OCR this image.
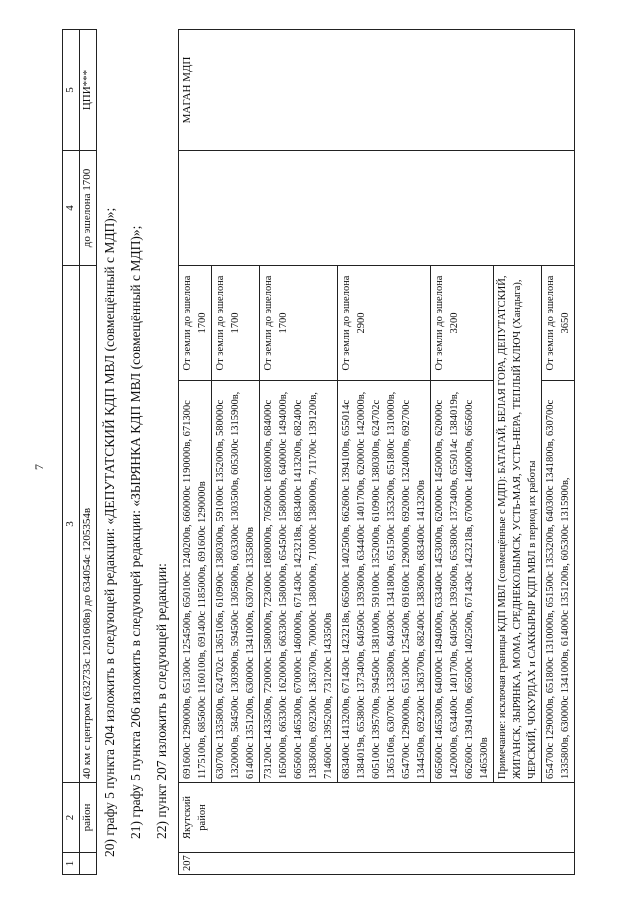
7
1	2	3	4	5
	район	40 км с центром (632733с 1201608в) до 634054с 1205354в	до эшелона 1700	ЦПИ***
20) графу 5 пункта 204 изложить в следующей редакции: «ДЕПУТАТСКИЙ КДП МВЛ (совмещённый с МДП)»; 21) графу 5 пункта 206 изложить в следующей редакции: «ЗЫРЯНКА КДП МВЛ (совмещённый с МДП)»; 22) пункт 207 изложить в следующей редакции:
207	Якутский район	691600с 1290000в, 651300с 1254500в, 650100с 1240200в, 660000с 1190000в, 671300с 1175100в, 685600с 1160100в, 691400с 1185000в, 691600с 1290000в	От земли до эшелона 1700		МАГАН МДП
		630700с 1335800в, 624702с 1365106в, 610900с 1380300в, 591000с 1352000в, 580000с 1320000в, 584500с 1303900в, 594500с 1305800в, 603300с 1303500в, 605300с 1315900в, 614000с 1351200в, 630000с 1341000в, 630700с 1335800в	От земли до эшелона 1700		
		731200с 1433500в, 720000с 1580000в, 723000с 1680000в, 705000с 1680000в, 684000с 1650000в, 663300с 1620000в, 663300с 1580000в, 654500с 1580000в, 640000с 1494000в, 665600с 1465300в, 670000с 1460000в, 671430с 1423218в, 683400с 1413200в, 682400с 1383600в, 692300с 1363700в, 700000с 1380000в, 710000с 1380000в, 711700с 1391200в, 714600с 1395200в, 731200с 1433500в	От земли до эшелона 1700		
		683400с 1413200в, 671430с 1423218в, 665000с 1402500в, 662600с 1394100в, 655014с 1384019в, 653800с 1373400в, 640500с 1393600в, 634400с 1401700в, 620000с 1420000в, 605100с 1395700в, 594500с 1381000в, 591000с 1352000в, 610900с 1380300в, 624702с 1365106в, 630700с 1335800в, 640300с 1341800в, 651500с 1353200в, 651800с 1310000в, 654700с 1290000в, 651300с 1254500в, 691600с 1290000в, 692000с 1324000в, 692700с 1344500в, 692300с 1363700в, 682400с 1383600в, 683400с 1413200в	От земли до эшелона 2900		
		665600с 1465300в, 640000с 1494000в, 633400с 1453000в, 620000с 1450000в, 620000с 1420000в, 634400с 1401700в, 640500с 1393600в, 653800с 1373400в, 655014с 1384019в, 662600с 1394100в, 665000с 1402500в, 671430с 1423218в, 670000с 1460000в, 665600с 1465300в	От земли до эшелона 3200		
		Примечание: исключая границы КДП МВЛ (совмещённые с МДП): БАТАГАЙ, БЕЛАЯ ГОРА, ДЕПУТАТСКИЙ, ЖИГАНСК, ЗЫРЯНКА, МОМА, СРЕДНЕКОЛЫМСК, УСТЬ-МАЯ, УСТЬ-НЕРА, ТЕПЛЫЙ КЛЮЧ (Хандыга), ЧЕРСКИЙ, ЧОКУРДАХ и САККЫРЫР КДП МВЛ в период их работы			
		654700с 1290000в, 651800с 1310000в, 651500с 1353200в, 640300с 1341800в, 630700с 1335800в, 630000с 1341000в, 614000с 1351200в, 605300с 1315900в,	От земли до эшелона 3650		
